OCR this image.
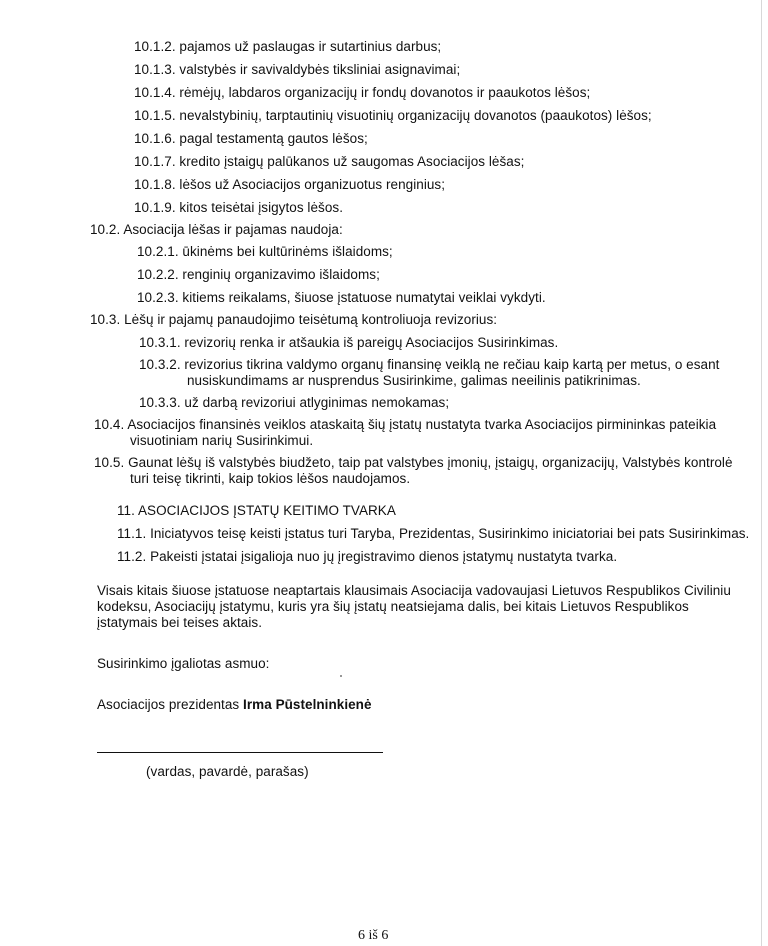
10.1.2. pajamos už paslaugas ir sutartinius darbus;
10.1.3. valstybės ir savivaldybės tiksliniai asignavimai;
10.1.4. rėmėjų, labdaros organizacijų ir fondų dovanotos ir paaukotos lėšos;
10.1.5. nevalstybinių, tarptautinių visuotinių organizacijų dovanotos (paaukotos) lėšos;
10.1.6. pagal testamentą gautos lėšos;
10.1.7. kredito įstaigų palūkanos už saugomas Asociacijos lėšas;
10.1.8. lėšos už Asociacijos organizuotus renginius;
10.1.9. kitos teisėtai įsigytos lėšos.
10.2. Asociacija lėšas ir pajamas naudoja:
10.2.1. ūkinėms bei kultūrinėms išlaidoms;
10.2.2. renginių organizavimo išlaidoms;
10.2.3. kitiems reikalams, šiuose įstatuose numatytai veiklai vykdyti.
10.3. Lėšų ir pajamų panaudojimo teisėtumą kontroliuoja revizorius:
10.3.1. revizorių renka ir atšaukia iš pareigų Asociacijos Susirinkimas.
10.3.2. revizorius tikrina valdymo organų finansinę veiklą ne rečiau kaip kartą per metus, o esant
nusiskundimams ar nusprendus Susirinkime, galimas neeilinis patikrinimas.
10.3.3. už darbą revizoriui atlyginimas nemokamas;
10.4. Asociacijos finansinės veiklos ataskaitą šių įstatų nustatyta tvarka Asociacijos pirmininkas pateikia
visuotiniam narių Susirinkimui.
10.5. Gaunat lėšų iš valstybės biudžeto, taip pat valstybes įmonių, įstaigų, organizacijų, Valstybės kontrolė
turi teisę tikrinti, kaip tokios lėšos naudojamos.
11. ASOCIACIJOS ĮSTATŲ KEITIMO TVARKA
11.1. Iniciatyvos teisę keisti įstatus turi Taryba, Prezidentas, Susirinkimo iniciatoriai bei pats Susirinkimas.
11.2. Pakeisti įstatai įsigalioja nuo jų įregistravimo dienos įstatymų nustatyta tvarka.
Visais kitais šiuose įstatuose neaptartais klausimais Asociacija vadovaujasi Lietuvos Respublikos Civiliniu
kodeksu, Asociacijų įstatymu, kuris yra šių įstatų neatsiejama dalis, bei kitais Lietuvos Respublikos
įstatymais bei teises aktais.
Susirinkimo įgaliotas asmuo:
Asociacijos prezidentas Irma Pūstelninkienė
(vardas, pavardė, parašas)
6 iš 6
